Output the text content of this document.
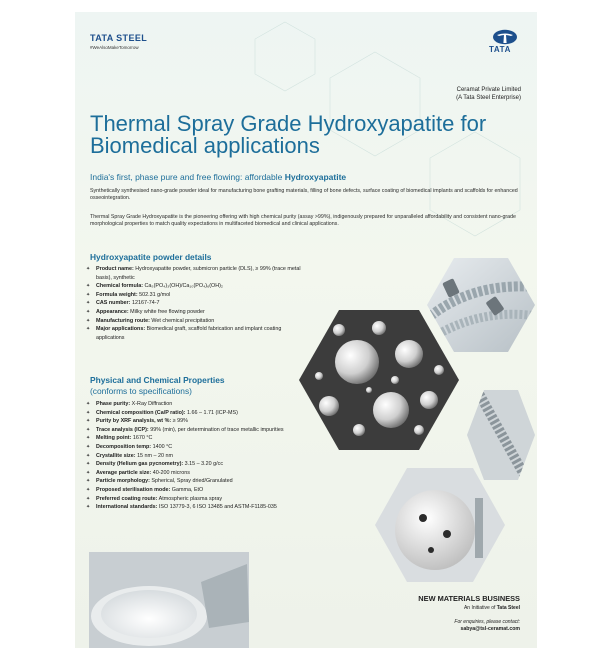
TATA STEEL
#WeAlsoMakeTomorrow	TATA
Ceramat Private Limited
(A Tata Steel Enterprise)
Thermal Spray Grade Hydroxyapatite for Biomedical applications
India's first, phase pure and free flowing: affordable Hydroxyapatite
Synthetically synthesised nano-grade powder ideal for manufacturing bone grafting materials, filling of bone defects, surface coating of biomedical implants and scaffolds for enhanced osseointegration.
Thermal Spray Grade Hydroxyapatite is the pioneering offering with high chemical purity (assay >99%), indigenously prepared for unparalleled affordability and consistent nano-grade morphological properties to match quality expectations in multifaceted biomedical and clinical applications.
Hydroxyapatite powder details
✦ Product name: Hydroxyapatite powder, submicron particle (DLS), ≥ 99% (trace metal basis), synthetic
✦ Chemical formula: Ca₅(PO₄)₃(OH)/Ca₁₀(PO₄)₆(OH)₂
✦ Formula weight: 502.31 g/mol
✦ CAS number: 12167-74-7
✦ Appearance: Milky white free flowing powder
✦ Manufacturing route: Wet chemical precipitation
✦ Major applications: Biomedical graft, scaffold fabrication and implant coating applications
Physical and Chemical Properties
(conforms to specifications)
✦ Phase purity: X-Ray Diffraction
✦ Chemical composition (Ca/P ratio): 1.66 – 1.71 (ICP-MS)
✦ Purity by XRF analysis, wt %: ≥ 99%
✦ Trace analysis (ICP): 99% (min), per determination of trace metallic impurities
✦ Melting point: 1670 °C
✦ Decomposition temp: 1400 °C
✦ Crystallite size: 15 nm – 20 nm
✦ Density (Helium gas pycnometry): 3.15 – 3.20 g/cc
✦ Average particle size: 40-200 microns
✦ Particle morphology: Spherical, Spray dried/Granulated
✦ Proposed sterilisation mode: Gamma, EtO
✦ Preferred coating route: Atmospheric plasma spray
✦ International standards: ISO 13779-3, 6 ISO 13485 and ASTM-F1185-035
NEW MATERIALS BUSINESS
An Initiative of Tata Steel
For enquiries, please contact:
sabya@tsl-ceramat.com
